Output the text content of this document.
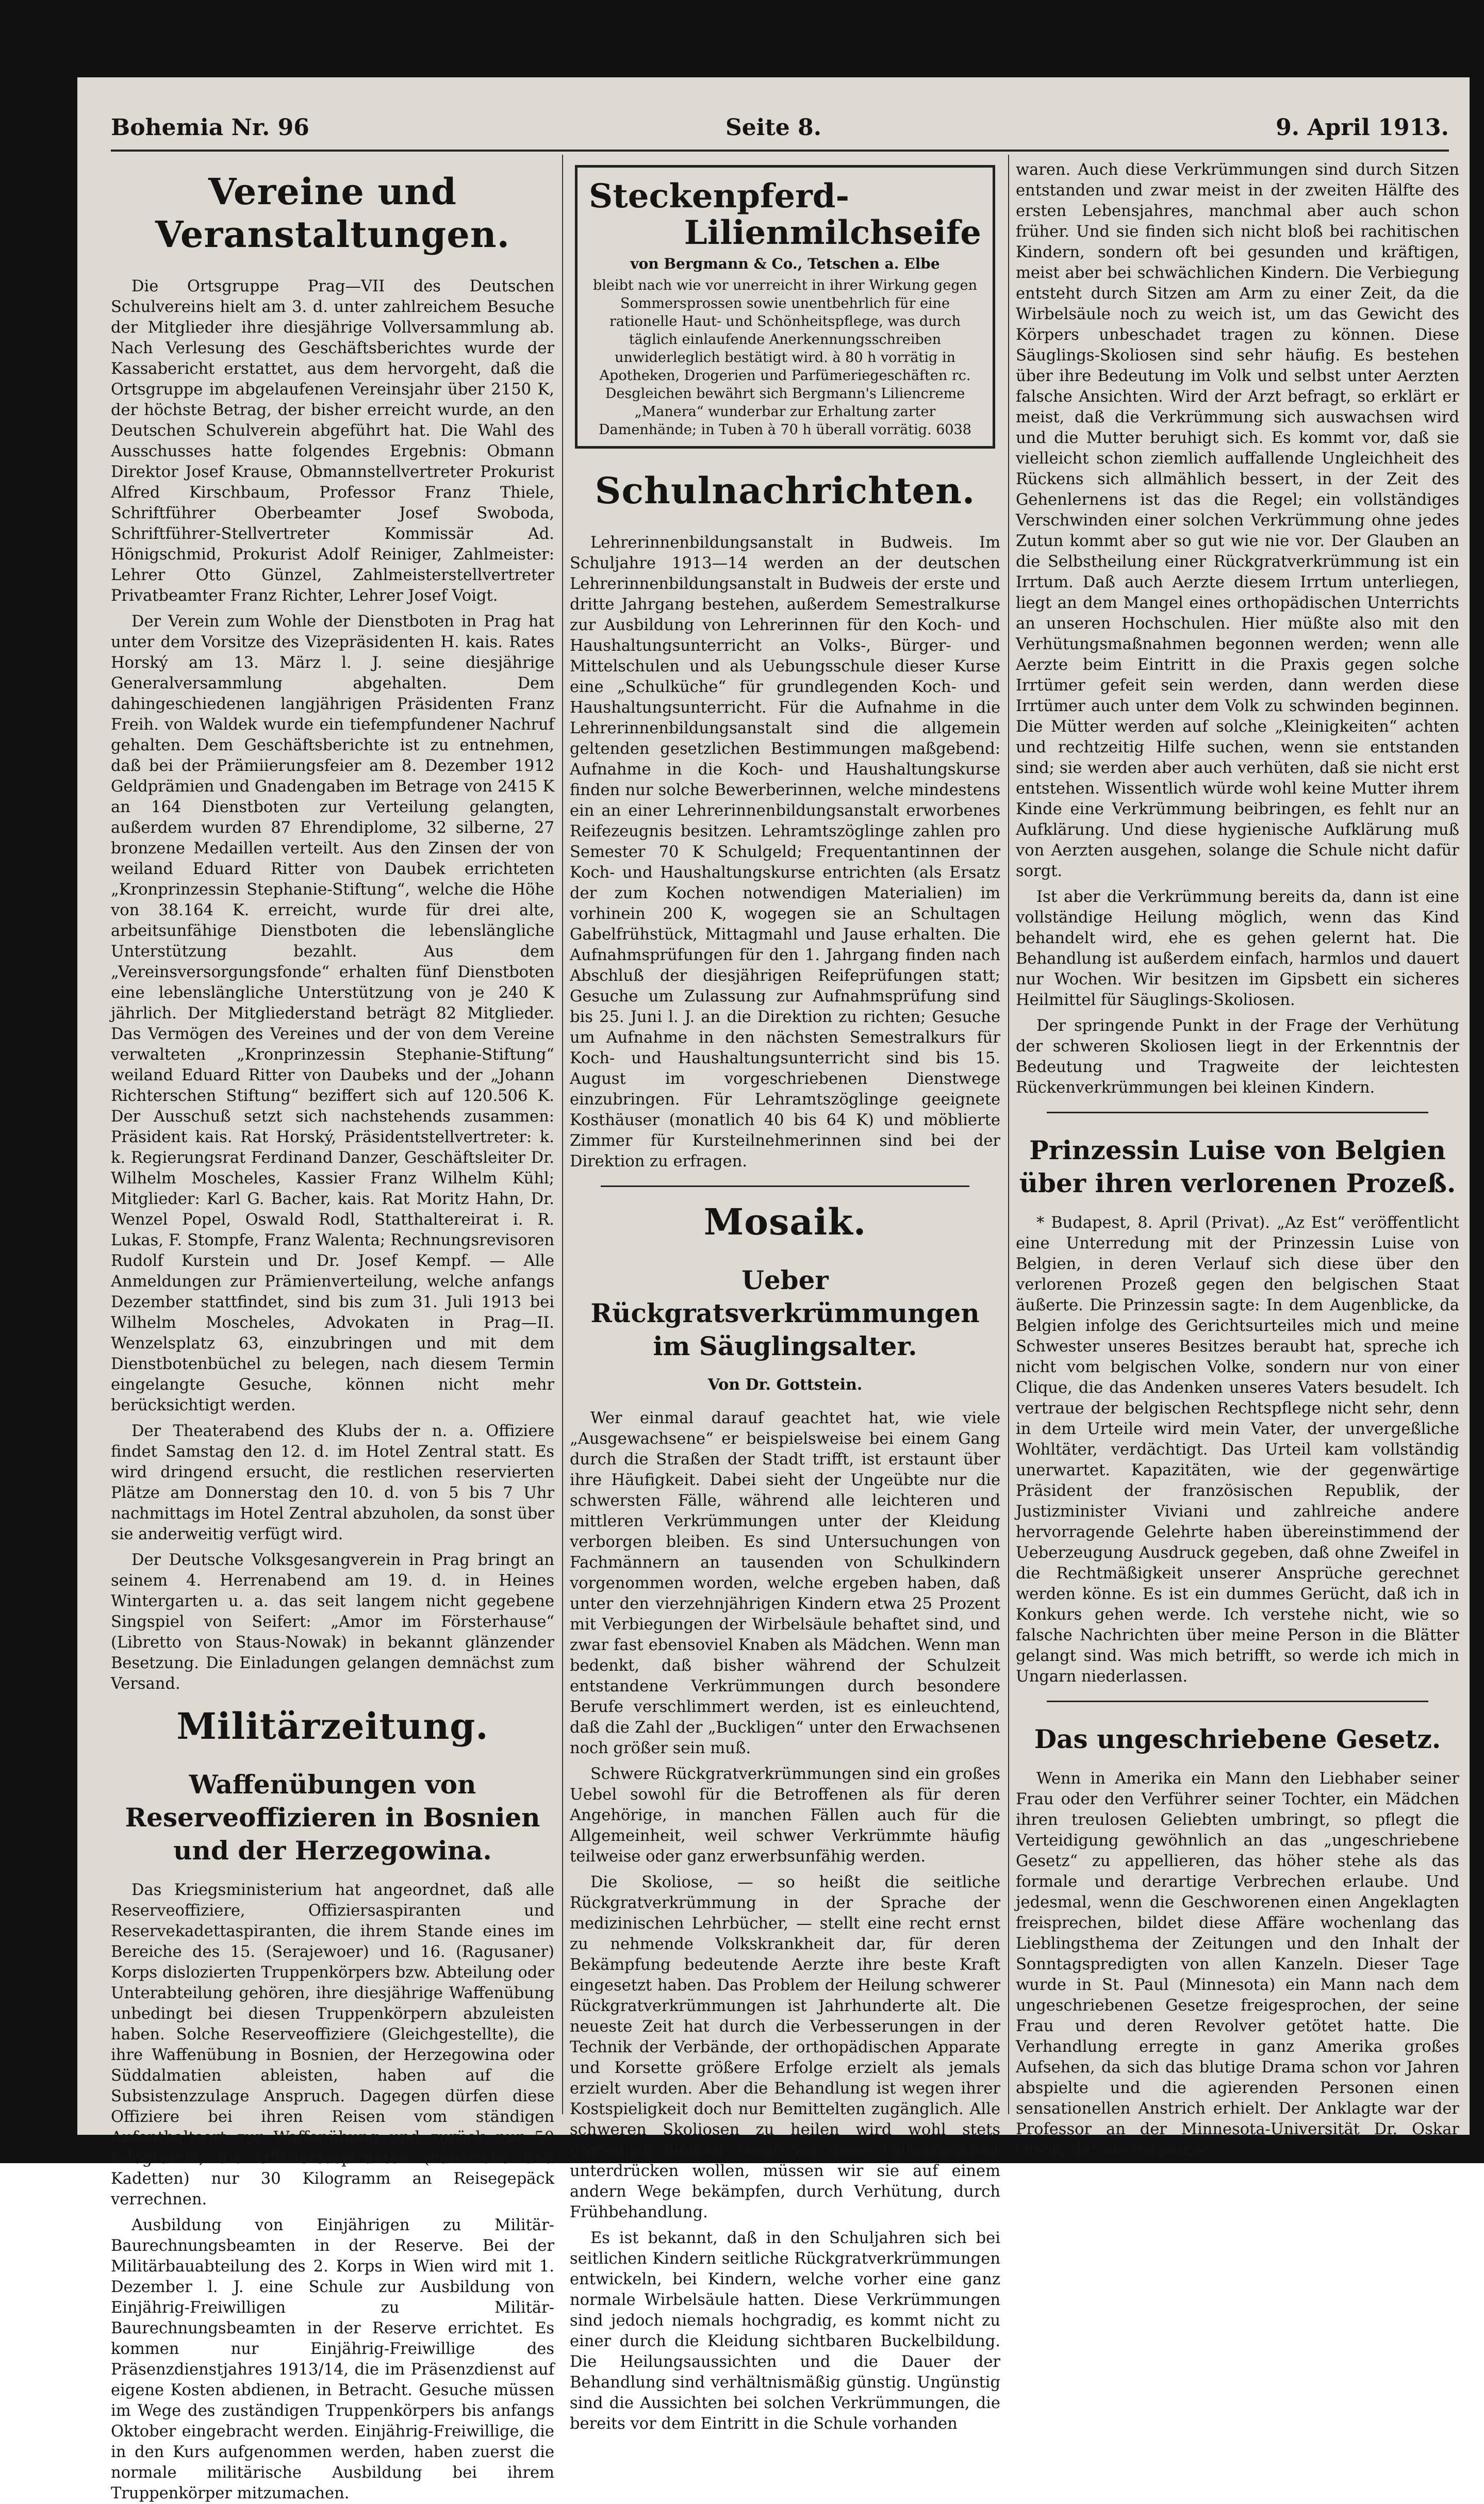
Bohemia Nr. 96	Seite 8.	9. April 1913.
Vereine und Veranstaltungen.

Die Ortsgruppe Prag—VII des Deutschen Schulvereins hielt am 3. d. unter zahlreichem Besuche der Mitglieder ihre diesjährige Vollversammlung ab. Nach Verlesung des Geschäftsberichtes wurde der Kassabericht erstattet, aus dem hervorgeht, daß die Ortsgruppe im abgelaufenen Vereinsjahr über 2150 K, der höchste Betrag, der bisher erreicht wurde, an den Deutschen Schulverein abgeführt hat. Die Wahl des Ausschusses hatte folgendes Ergebnis: Obmann Direktor Josef Krause, Obmannstellvertreter Prokurist Alfred Kirschbaum, Professor Franz Thiele, Schriftführer Oberbeamter Josef Swoboda, Schriftführer-Stellvertreter Kommissär Ad. Hönigschmid, Prokurist Adolf Reiniger, Zahlmeister: Lehrer Otto Günzel, Zahlmeisterstellvertreter Privatbeamter Franz Richter, Lehrer Josef Voigt.

Der Verein zum Wohle der Dienstboten in Prag hat unter dem Vorsitze des Vizepräsidenten H. kais. Rates Horský am 13. März l. J. seine diesjährige Generalversammlung abgehalten. Dem dahingeschiedenen langjährigen Präsidenten Franz Freih. von Waldek wurde ein tiefempfundener Nachruf gehalten. Dem Geschäftsberichte ist zu entnehmen, daß bei der Prämiierungsfeier am 8. Dezember 1912 Geldprämien und Gnadengaben im Betrage von 2415 K an 164 Dienstboten zur Verteilung gelangten, außerdem wurden 87 Ehrendiplome, 32 silberne, 27 bronzene Medaillen verteilt. Aus den Zinsen der von weiland Eduard Ritter von Daubek errichteten „Kronprinzessin Stephanie-Stiftung“, welche die Höhe von 38.164 K. erreicht, wurde für drei alte, arbeitsunfähige Dienstboten die lebenslängliche Unterstützung bezahlt. Aus dem „Vereinsversorgungsfonde“ erhalten fünf Dienstboten eine lebenslängliche Unterstützung von je 240 K jährlich. Der Mitgliederstand beträgt 82 Mitglieder. Das Vermögen des Vereines und der von dem Vereine verwalteten „Kronprinzessin Stephanie-Stiftung“ weiland Eduard Ritter von Daubeks und der „Johann Richterschen Stiftung“ beziffert sich auf 120.506 K. Der Ausschuß setzt sich nachstehends zusammen: Präsident kais. Rat Horský, Präsidentstellvertreter: k. k. Regierungsrat Ferdinand Danzer, Geschäftsleiter Dr. Wilhelm Moscheles, Kassier Franz Wilhelm Kühl; Mitglieder: Karl G. Bacher, kais. Rat Moritz Hahn, Dr. Wenzel Popel, Oswald Rodl, Statthaltereirat i. R. Lukas, F. Stompfe, Franz Walenta; Rechnungsrevisoren Rudolf Kurstein und Dr. Josef Kempf. — Alle Anmeldungen zur Prämienverteilung, welche anfangs Dezember stattfindet, sind bis zum 31. Juli 1913 bei Wilhelm Moscheles, Advokaten in Prag—II. Wenzelsplatz 63, einzubringen und mit dem Dienstbotenbüchel zu belegen, nach diesem Termin eingelangte Gesuche, können nicht mehr berücksichtigt werden.

Der Theaterabend des Klubs der n. a. Offiziere findet Samstag den 12. d. im Hotel Zentral statt. Es wird dringend ersucht, die restlichen reservierten Plätze am Donnerstag den 10. d. von 5 bis 7 Uhr nachmittags im Hotel Zentral abzuholen, da sonst über sie anderweitig verfügt wird.

Der Deutsche Volksgesangverein in Prag bringt an seinem 4. Herrenabend am 19. d. in Heines Wintergarten u. a. das seit langem nicht gegebene Singspiel von Seifert: „Amor im Försterhause“ (Libretto von Staus-Nowak) in bekannt glänzender Besetzung. Die Einladungen gelangen demnächst zum Versand.

Militärzeitung.
Waffenübungen von Reserveoffizieren in Bosnien und der Herzegowina.

Das Kriegsministerium hat angeordnet, daß alle Reserveoffiziere, Offiziersaspiranten und Reservekadettaspiranten, die ihrem Stande eines im Bereiche des 15. (Serajewoer) und 16. (Ragusaner) Korps dislozierten Truppenkörpers bzw. Abteilung oder Unterabteilung gehören, ihre diesjährige Waffenübung unbedingt bei diesen Truppenkörpern abzuleisten haben. Solche Reserveoffiziere (Gleichgestellte), die ihre Waffenübung in Bosnien, der Herzegowina oder Süddalmatien ableisten, haben auf die Subsistenzzulage Anspruch. Dagegen dürfen diese Offiziere bei ihren Reisen vom ständigen Aufenthaltsort zur Waffenübung und zurück nur 50 Kilogramm, die Offiziersaspiranten (Fähnriche und Kadetten) nur 30 Kilogramm an Reisegepäck verrechnen.

Ausbildung von Einjährigen zu Militär-Baurechnungsbeamten in der Reserve. Bei der Militärbauabteilung des 2. Korps in Wien wird mit 1. Dezember l. J. eine Schule zur Ausbildung von Einjährig-Freiwilligen zu Militär-Baurechnungsbeamten in der Reserve errichtet. Es kommen nur Einjährig-Freiwillige des Präsenzdienstjahres 1913/14, die im Präsenzdienst auf eigene Kosten abdienen, in Betracht. Gesuche müssen im Wege des zuständigen Truppenkörpers bis anfangs Oktober eingebracht werden. Einjährig-Freiwillige, die in den Kurs aufgenommen werden, haben zuerst die normale militärische Ausbildung bei ihrem Truppenkörper mitzumachen.

Steckenpferd-
Lilienmilchseife
von Bergmann & Co., Tetschen a. Elbe
bleibt nach wie vor unerreicht in ihrer Wirkung gegen Sommersprossen sowie unentbehrlich für eine rationelle Haut- und Schönheitspflege, was durch täglich einlaufende Anerkennungsschreiben unwiderleglich bestätigt wird. à 80 h vorrätig in Apotheken, Drogerien und Parfümeriegeschäften rc. Desgleichen bewährt sich Bergmann's Liliencreme „Manera“ wunderbar zur Erhaltung zarter Damenhände; in Tuben à 70 h überall vorrätig. 6038
Schulnachrichten.

Lehrerinnenbildungsanstalt in Budweis. Im Schuljahre 1913—14 werden an der deutschen Lehrerinnenbildungsanstalt in Budweis der erste und dritte Jahrgang bestehen, außerdem Semestralkurse zur Ausbildung von Lehrerinnen für den Koch- und Haushaltungsunterricht an Volks-, Bürger- und Mittelschulen und als Uebungsschule dieser Kurse eine „Schulküche“ für grundlegenden Koch- und Haushaltungsunterricht. Für die Aufnahme in die Lehrerinnenbildungsanstalt sind die allgemein geltenden gesetzlichen Bestimmungen maßgebend: Aufnahme in die Koch- und Haushaltungskurse finden nur solche Bewerberinnen, welche mindestens ein an einer Lehrerinnenbildungsanstalt erworbenes Reifezeugnis besitzen. Lehramtszöglinge zahlen pro Semester 70 K Schulgeld; Frequentantinnen der Koch- und Haushaltungskurse entrichten (als Ersatz der zum Kochen notwendigen Materialien) im vorhinein 200 K, wogegen sie an Schultagen Gabelfrühstück, Mittagmahl und Jause erhalten. Die Aufnahmsprüfungen für den 1. Jahrgang finden nach Abschluß der diesjährigen Reifeprüfungen statt; Gesuche um Zulassung zur Aufnahmsprüfung sind bis 25. Juni l. J. an die Direktion zu richten; Gesuche um Aufnahme in den nächsten Semestralkurs für Koch- und Haushaltungsunterricht sind bis 15. August im vorgeschriebenen Dienstwege einzubringen. Für Lehramtszöglinge geeignete Kosthäuser (monatlich 40 bis 64 K) und möblierte Zimmer für Kursteilnehmerinnen sind bei der Direktion zu erfragen.

Mosaik.
Ueber Rückgratsverkrümmungen im Säuglingsalter.
Von Dr. Gottstein.

Wer einmal darauf geachtet hat, wie viele „Ausgewachsene“ er beispielsweise bei einem Gang durch die Straßen der Stadt trifft, ist erstaunt über ihre Häufigkeit. Dabei sieht der Ungeübte nur die schwersten Fälle, während alle leichteren und mittleren Verkrümmungen unter der Kleidung verborgen bleiben. Es sind Untersuchungen von Fachmännern an tausenden von Schulkindern vorgenommen worden, welche ergeben haben, daß unter den vierzehnjährigen Kindern etwa 25 Prozent mit Verbiegungen der Wirbelsäule behaftet sind, und zwar fast ebensoviel Knaben als Mädchen. Wenn man bedenkt, daß bisher während der Schulzeit entstandene Verkrümmungen durch besondere Berufe verschlimmert werden, ist es einleuchtend, daß die Zahl der „Buckligen“ unter den Erwachsenen noch größer sein muß.

Schwere Rückgratverkrümmungen sind ein großes Uebel sowohl für die Betroffenen als für deren Angehörige, in manchen Fällen auch für die Allgemeinheit, weil schwer Verkrümmte häufig teilweise oder ganz erwerbsunfähig werden.

Die Skoliose, — so heißt die seitliche Rückgratverkrümmung in der Sprache der medizinischen Lehrbücher, — stellt eine recht ernst zu nehmende Volkskrankheit dar, für deren Bekämpfung bedeutende Aerzte ihre beste Kraft eingesetzt haben. Das Problem der Heilung schwerer Rückgratverkrümmungen ist Jahrhunderte alt. Die neueste Zeit hat durch die Verbesserungen in der Technik der Verbände, der orthopädischen Apparate und Korsette größere Erfolge erzielt als jemals erzielt wurden. Aber die Behandlung ist wegen ihrer Kostspieligkeit doch nur Bemittelten zugänglich. Alle schweren Skoliosen zu heilen wird wohl stets unmöglich bleiben. Wenn wir diese Volkskrankheit unterdrücken wollen, müssen wir sie auf einem andern Wege bekämpfen, durch Verhütung, durch Frühbehandlung.

Es ist bekannt, daß in den Schuljahren sich bei seitlichen Kindern seitliche Rückgratverkrümmungen entwickeln, bei Kindern, welche vorher eine ganz normale Wirbelsäule hatten. Diese Verkrümmungen sind jedoch niemals hochgradig, es kommt nicht zu einer durch die Kleidung sichtbaren Buckelbildung. Die Heilungsaussichten und die Dauer der Behandlung sind verhältnismäßig günstig. Ungünstig sind die Aussichten bei solchen Verkrümmungen, die bereits vor dem Eintritt in die Schule vorhanden

waren. Auch diese Verkrümmungen sind durch Sitzen entstanden und zwar meist in der zweiten Hälfte des ersten Lebensjahres, manchmal aber auch schon früher. Und sie finden sich nicht bloß bei rachitischen Kindern, sondern oft bei gesunden und kräftigen, meist aber bei schwächlichen Kindern. Die Verbiegung entsteht durch Sitzen am Arm zu einer Zeit, da die Wirbelsäule noch zu weich ist, um das Gewicht des Körpers unbeschadet tragen zu können. Diese Säuglings-Skoliosen sind sehr häufig. Es bestehen über ihre Bedeutung im Volk und selbst unter Aerzten falsche Ansichten. Wird der Arzt befragt, so erklärt er meist, daß die Verkrümmung sich auswachsen wird und die Mutter beruhigt sich. Es kommt vor, daß sie vielleicht schon ziemlich auffallende Ungleichheit des Rückens sich allmählich bessert, in der Zeit des Gehenlernens ist das die Regel; ein vollständiges Verschwinden einer solchen Verkrümmung ohne jedes Zutun kommt aber so gut wie nie vor. Der Glauben an die Selbstheilung einer Rückgratverkrümmung ist ein Irrtum. Daß auch Aerzte diesem Irrtum unterliegen, liegt an dem Mangel eines orthopädischen Unterrichts an unseren Hochschulen. Hier müßte also mit den Verhütungsmaßnahmen begonnen werden; wenn alle Aerzte beim Eintritt in die Praxis gegen solche Irrtümer gefeit sein werden, dann werden diese Irrtümer auch unter dem Volk zu schwinden beginnen. Die Mütter werden auf solche „Kleinigkeiten“ achten und rechtzeitig Hilfe suchen, wenn sie entstanden sind; sie werden aber auch verhüten, daß sie nicht erst entstehen. Wissentlich würde wohl keine Mutter ihrem Kinde eine Verkrümmung beibringen, es fehlt nur an Aufklärung. Und diese hygienische Aufklärung muß von Aerzten ausgehen, solange die Schule nicht dafür sorgt.

Ist aber die Verkrümmung bereits da, dann ist eine vollständige Heilung möglich, wenn das Kind behandelt wird, ehe es gehen gelernt hat. Die Behandlung ist außerdem einfach, harmlos und dauert nur Wochen. Wir besitzen im Gipsbett ein sicheres Heilmittel für Säuglings-Skoliosen.

Der springende Punkt in der Frage der Verhütung der schweren Skoliosen liegt in der Erkenntnis der Bedeutung und Tragweite der leichtesten Rückenverkrümmungen bei kleinen Kindern.

Prinzessin Luise von Belgien über ihren verlorenen Prozeß.

* Budapest, 8. April (Privat). „Az Est“ veröffentlicht eine Unterredung mit der Prinzessin Luise von Belgien, in deren Verlauf sich diese über den verlorenen Prozeß gegen den belgischen Staat äußerte. Die Prinzessin sagte: In dem Augenblicke, da Belgien infolge des Gerichtsurteiles mich und meine Schwester unseres Besitzes beraubt hat, spreche ich nicht vom belgischen Volke, sondern nur von einer Clique, die das Andenken unseres Vaters besudelt. Ich vertraue der belgischen Rechtspflege nicht sehr, denn in dem Urteile wird mein Vater, der unvergeßliche Wohltäter, verdächtigt. Das Urteil kam vollständig unerwartet. Kapazitäten, wie der gegenwärtige Präsident der französischen Republik, der Justizminister Viviani und zahlreiche andere hervorragende Gelehrte haben übereinstimmend der Ueberzeugung Ausdruck gegeben, daß ohne Zweifel in die Rechtmäßigkeit unserer Ansprüche gerechnet werden könne. Es ist ein dummes Gerücht, daß ich in Konkurs gehen werde. Ich verstehe nicht, wie so falsche Nachrichten über meine Person in die Blätter gelangt sind. Was mich betrifft, so werde ich mich in Ungarn niederlassen.

Das ungeschriebene Gesetz.

Wenn in Amerika ein Mann den Liebhaber seiner Frau oder den Verführer seiner Tochter, ein Mädchen ihren treulosen Geliebten umbringt, so pflegt die Verteidigung gewöhnlich an das „ungeschriebene Gesetz“ zu appellieren, das höher stehe als das formale und derartige Verbrechen erlaube. Und jedesmal, wenn die Geschworenen einen Angeklagten freisprechen, bildet diese Affäre wochenlang das Lieblingsthema der Zeitungen und den Inhalt der Sonntagspredigten von allen Kanzeln. Dieser Tage wurde in St. Paul (Minnesota) ein Mann nach dem ungeschriebenen Gesetze freigesprochen, der seine Frau und deren Revolver getötet hatte. Die Verhandlung erregte in ganz Amerika großes Aufsehen, da sich das blutige Drama schon vor Jahren abspielte und die agierenden Personen einen sensationellen Anstrich erhielt. Der Anklagte war der Professor an der Minnesota-Universität Dr. Oskar Olson, der als Botaniker
